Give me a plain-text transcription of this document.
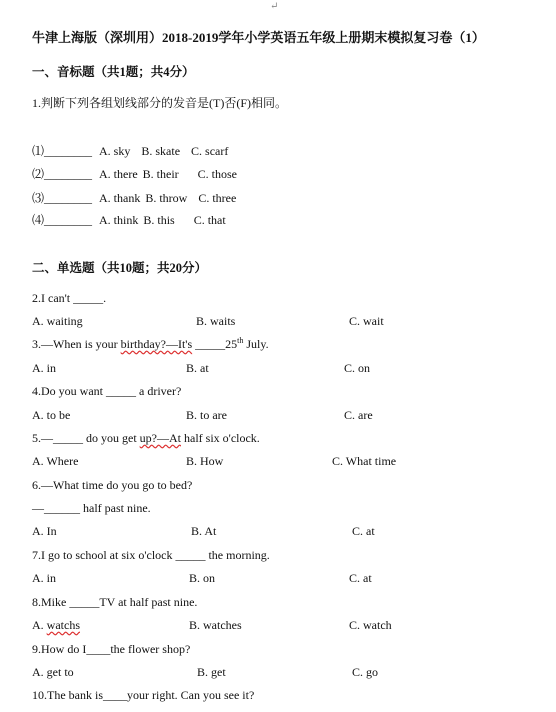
↵
牛津上海版（深圳用）2018-2019学年小学英语五年级上册期末模拟复习卷（1）
一、音标题（共1题；共4分）
1.判断下列各组划线部分的发音是(T)否(F)相同。
⑴________ A. sky B. skate C. scarf
⑵________ A. there B. their C. those
⑶________ A. thank B. throw C. three
⑷________ A. think B. this C. that
二、单选题（共10题；共20分）
2.I can't _____.
A. waiting	B. waits	C. wait
3.—When is your birthday?—It's _____25th July.
A. in	B. at	C. on
4.Do you want _____ a driver?
A. to be	B. to are	C. are
5.—_____ do you get up?—At half six o'clock.
A. Where	B. How	C. What time
6.—What time do you go to bed?
—______ half past nine.
A. In	B. At	C. at
7.I go to school at six o'clock _____ the morning.
A. in	B. on	C. at
8.Mike _____TV at half past nine.
A. watchs	B. watches	C. watch
9.How do I____the flower shop?
A. get to	B. get	C. go
10.The bank is____your right. Can you see it?
